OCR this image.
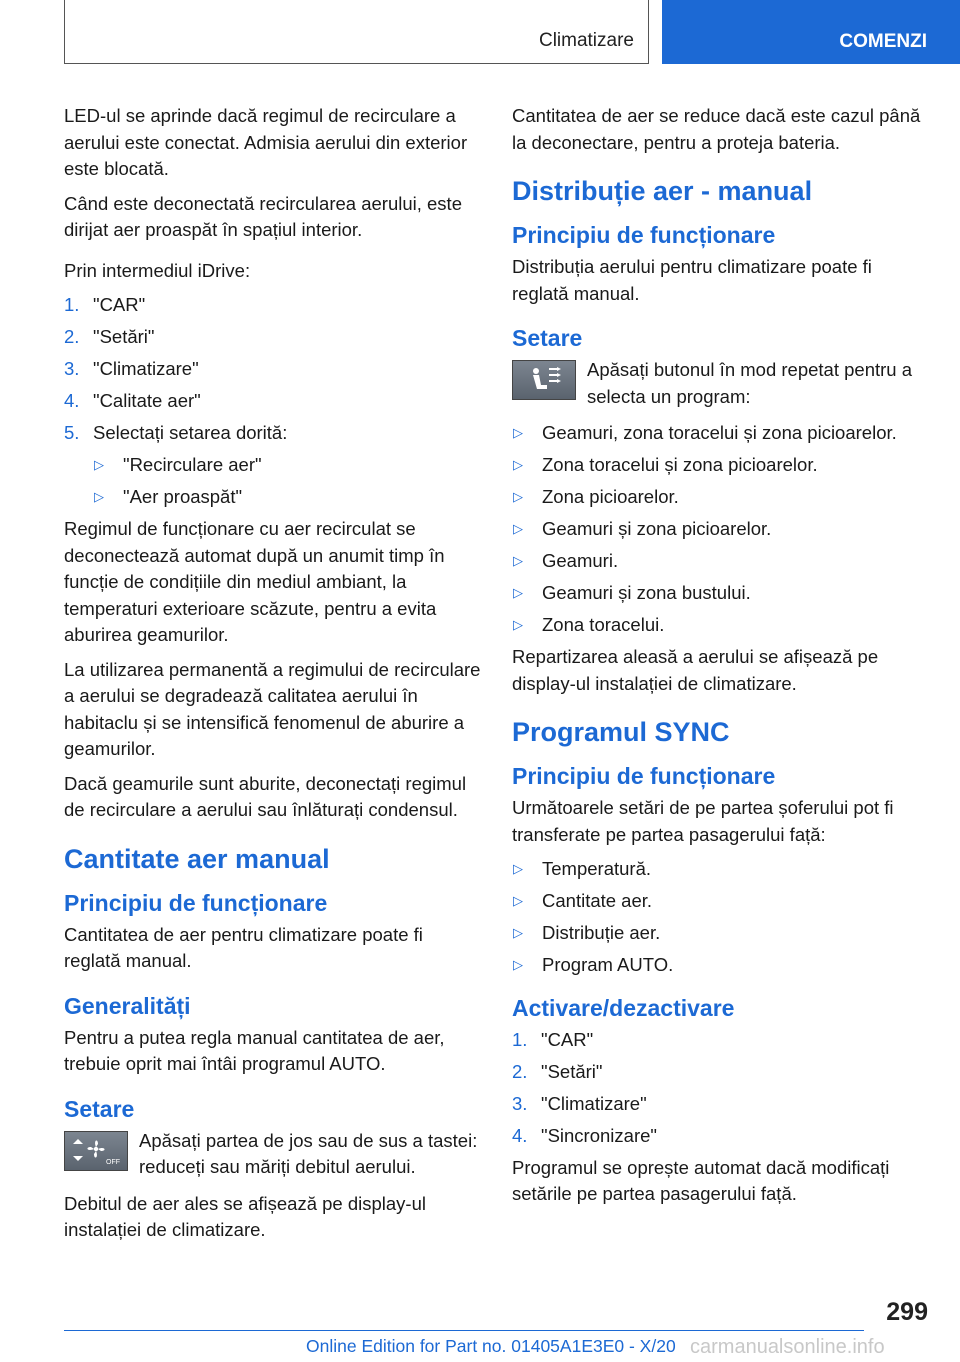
Climatizare	COMENZI

LED-ul se aprinde dacă regimul de recirculare a aerului este conectat. Admisia aerului din exterior este blocată.

Când este deconectată recircularea aerului, este dirijat aer proaspăt în spațiul interior.

Prin intermediul iDrive:

1. "CAR"
2. "Setări"
3. "Climatizare"
4. "Calitate aer"
5. Selectați setarea dorită:
▷	"Recirculare aer"
▷	"Aer proaspăt"

Regimul de funcționare cu aer recirculat se deconectează automat după un anumit timp în funcție de condițiile din mediul ambiant, la temperaturi exterioare scăzute, pentru a evita aburirea geamurilor.

La utilizarea permanentă a regimului de recirculare a aerului se degradează calitatea aerului în habitaclu și se intensifică fenomenul de aburire a geamurilor.

Dacă geamurile sunt aburite, deconectați regimul de recirculare a aerului sau înlăturați condensul.

Cantitate aer manual
Principiu de funcționare

Cantitatea de aer pentru climatizare poate fi reglată manual.

Generalități

Pentru a putea regla manual cantitatea de aer, trebuie oprit mai întâi programul AUTO.

Setare
OFF

Apăsați partea de jos sau de sus a tastei: reduceți sau măriți debitul aerului.

Debitul de aer ales se afișează pe display-ul instalației de climatizare.

Cantitatea de aer se reduce dacă este cazul până la deconectare, pentru a proteja bateria.

Distribuție aer - manual
Principiu de funcționare

Distribuția aerului pentru climatizare poate fi reglată manual.

Setare

Apăsați butonul în mod repetat pentru a selecta un program:

▷	Geamuri, zona toracelui și zona picioarelor.
▷	Zona toracelui și zona picioarelor.
▷	Zona picioarelor.
▷	Geamuri și zona picioarelor.
▷	Geamuri.
▷	Geamuri și zona bustului.
▷	Zona toracelui.

Repartizarea aleasă a aerului se afișează pe display-ul instalației de climatizare.

Programul SYNC
Principiu de funcționare

Următoarele setări de pe partea șoferului pot fi transferate pe partea pasagerului față:

▷	Temperatură.
▷	Cantitate aer.
▷	Distribuție aer.
▷	Program AUTO.
Activare/dezactivare
1. "CAR"
2. "Setări"
3. "Climatizare"
4. "Sincronizare"

Programul se oprește automat dacă modificați setările pe partea pasagerului față.

299
Online Edition for Part no. 01405A1E3E0 - X/20 carmanualsonline.info
